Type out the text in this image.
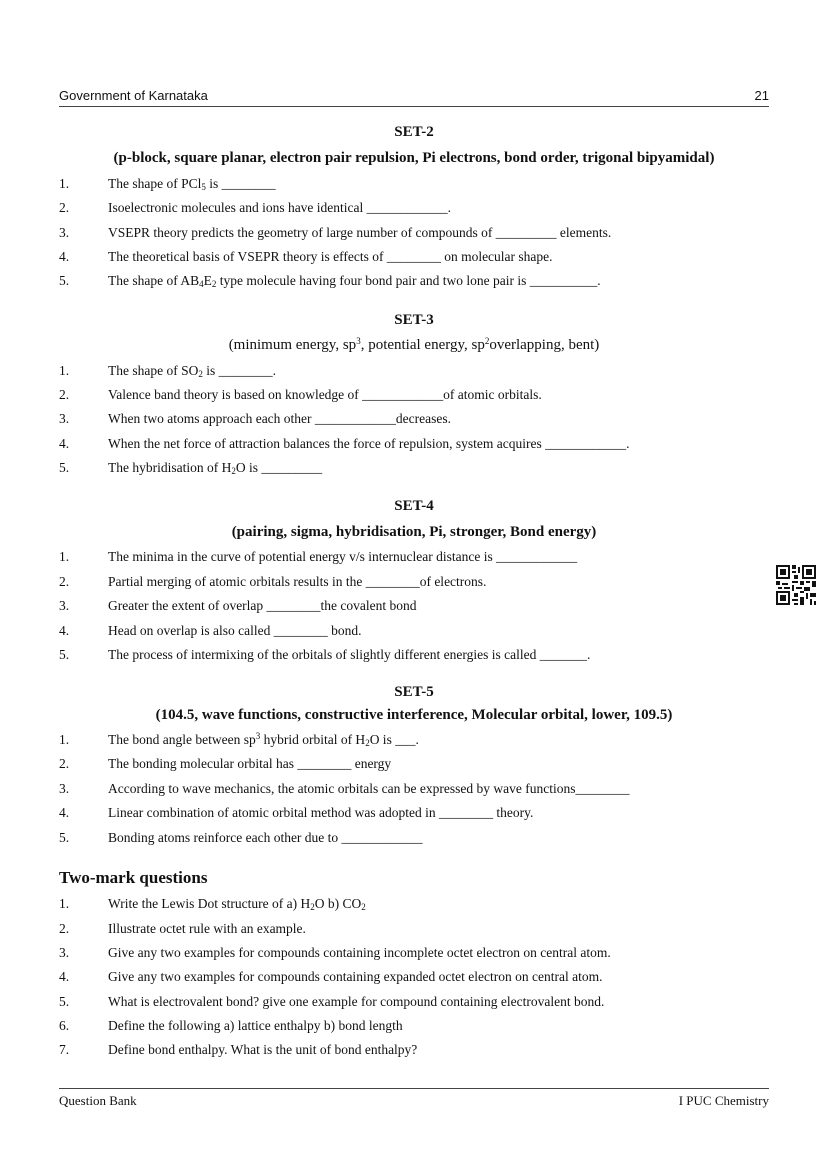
Government of Karnataka	21
SET-2
(p-block, square planar, electron pair repulsion, Pi electrons, bond order, trigonal bipyamidal)
1.	The shape of PCl$_5$ is ________
2.	Isoelectronic molecules and ions have identical ____________.
3.	VSEPR theory predicts the geometry of large number of compounds of _________ elements.
4.	The theoretical basis of VSEPR theory is effects of ________ on molecular shape.
5.	The shape of $AB_4E_2$ type molecule having four bond pair and two lone pair is __________.
SET-3
(minimum energy, $sp^3$, potential energy, $sp^2overlapping$, bent)
1.	The shape of $SO_2$ is ________.
2.	Valence band theory is based on knowledge of ____________of atomic orbitals.
3.	When two atoms approach each other ____________decreases.
4.	When the net force of attraction balances the force of repulsion, system acquires ____________.
5.	The hybridisation of $H_2O$ is _________
SET-4
(pairing, sigma, hybridisation, Pi, stronger, Bond energy)
1.	The minima in the curve of potential energy v/s internuclear distance is ____________
2.	Partial merging of atomic orbitals results in the ________of electrons.
3.	Greater the extent of overlap ________the covalent bond
4.	Head on overlap is also called ________ bond.
5.	The process of intermixing of the orbitals of slightly different energies is called _______.
SET-5
(104.5, wave functions, constructive interference, Molecular orbital, lower, 109.5)
1.	The bond angle between $sp^3$ hybrid orbital of $H_2O$ is ___.
2.	The bonding molecular orbital has ________ energy
3.	According to wave mechanics, the atomic orbitals can be expressed by wave functions________
4.	Linear combination of atomic orbital method was adopted in ________ theory.
5.	Bonding atoms reinforce each other due to ____________
Two-mark questions
1.	Write the Lewis Dot structure of a) $H_2O$ b) $CO_2$
2.	Illustrate octet rule with an example.
3.	Give any two examples for compounds containing incomplete octet electron on central atom.
4.	Give any two examples for compounds containing expanded octet electron on central atom.
5.	What is electrovalent bond? give one example for compound containing electrovalent bond.
6.	Define the following a) lattice enthalpy b) bond length
7.	Define bond enthalpy. What is the unit of bond enthalpy?
Question Bank	I PUC Chemistry
